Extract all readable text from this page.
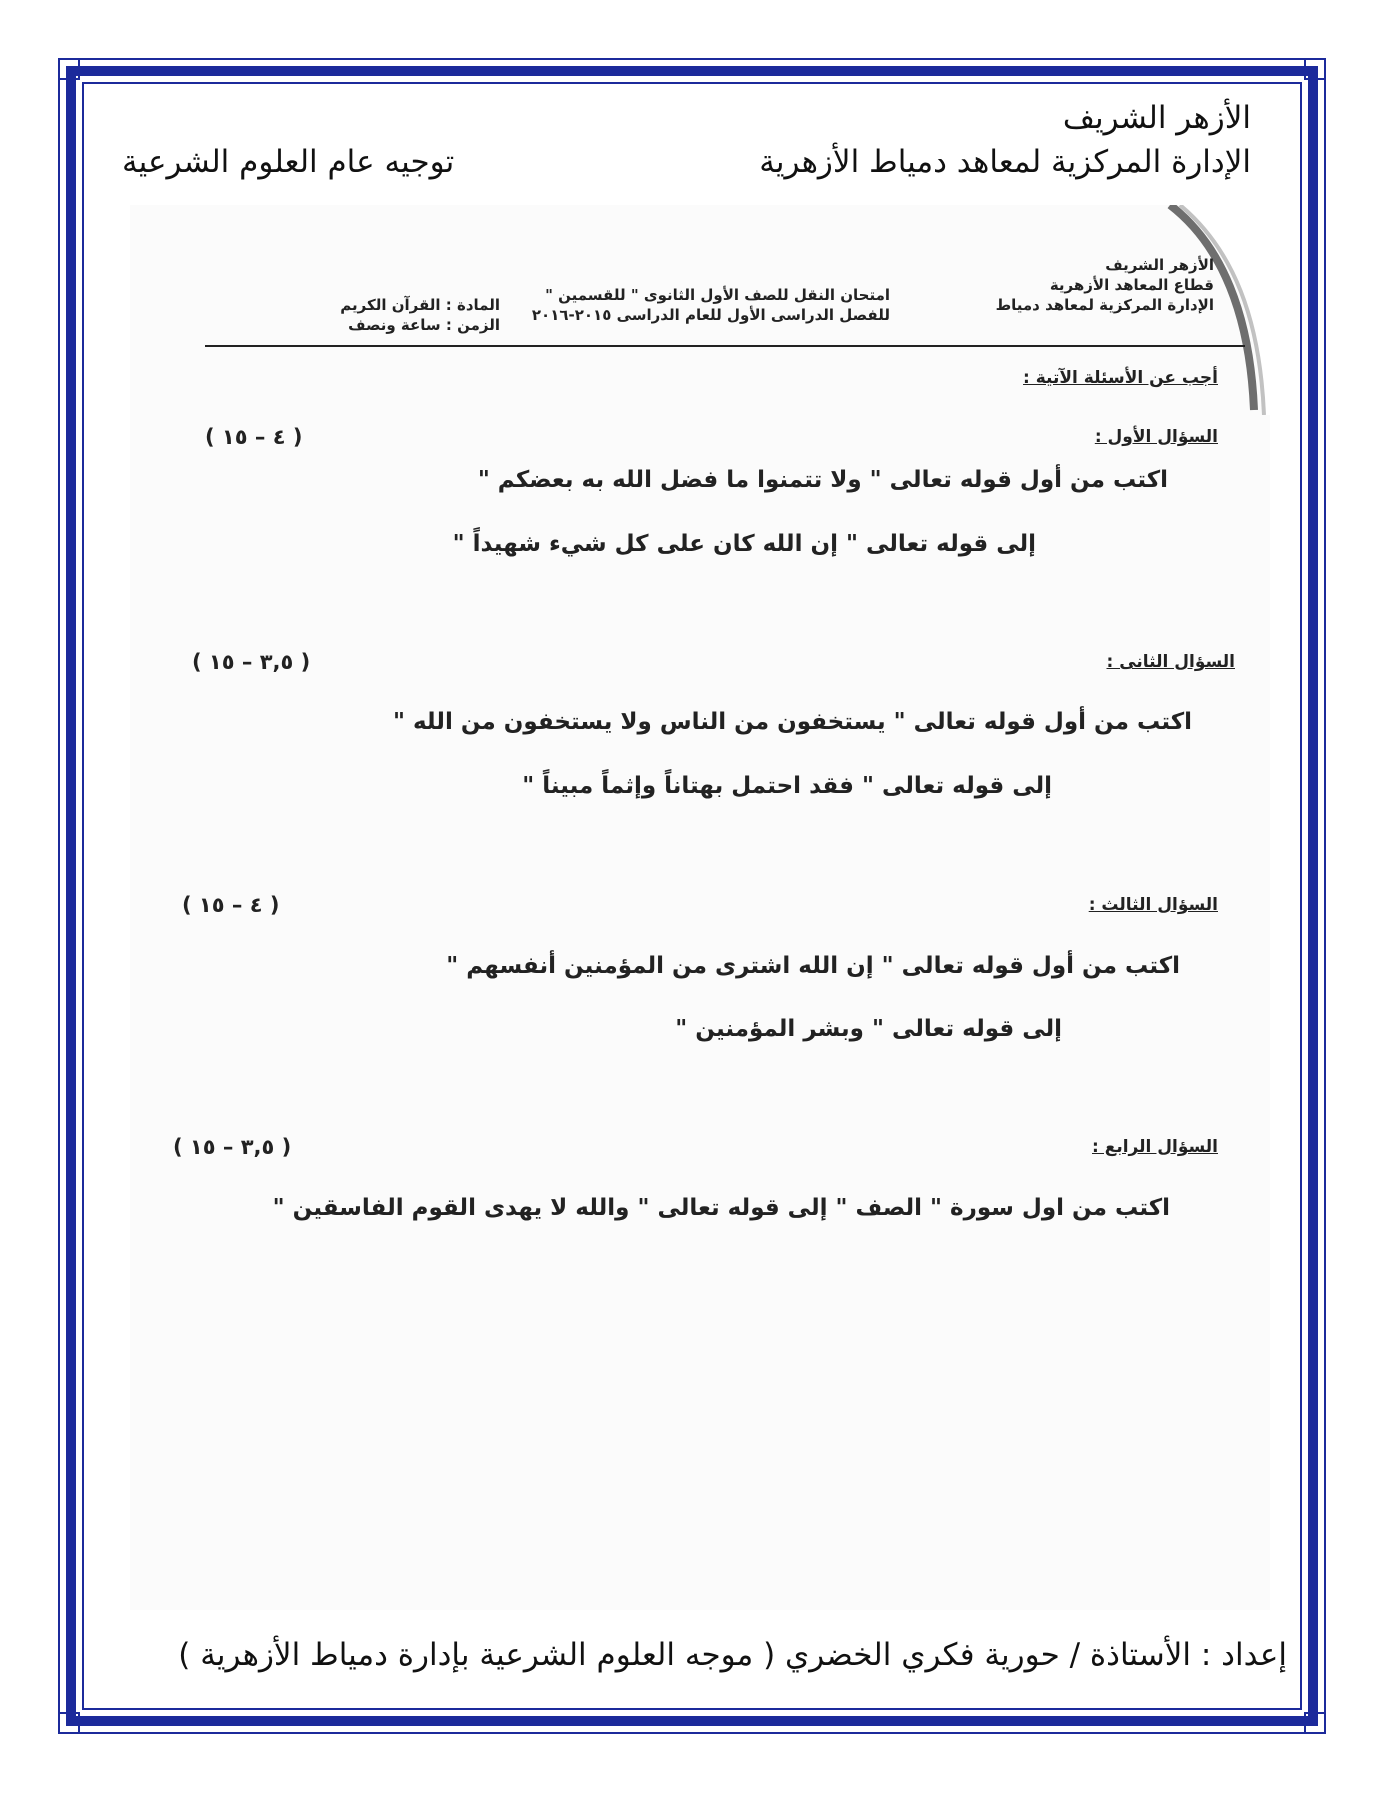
الأزهر الشريف
الإدارة المركزية لمعاهد دمياط الأزهرية
توجيه عام العلوم الشرعية
الأزهر الشريف
قطاع المعاهد الأزهرية
الإدارة المركزية لمعاهد دمياط
امتحان النقل للصف الأول الثانوى " للقسمين "
للفصل الدراسى الأول للعام الدراسى ٢٠١٥-٢٠١٦
المادة : القرآن الكريم
الزمن : ساعة ونصف
أجب عن الأسئلة الآتية :
السؤال الأول :
( ٤ – ١٥ )
اكتب من أول قوله تعالى " ولا تتمنوا ما فضل الله به بعضكم "
إلى قوله تعالى " إن الله كان على كل شيء شهيداً "
السؤال الثانى :
( ٣,٥ – ١٥ )
اكتب من أول قوله تعالى " يستخفون من الناس ولا يستخفون من الله "
إلى قوله تعالى " فقد احتمل بهتاناً وإثماً مبيناً "
السؤال الثالث :
( ٤ – ١٥ )
اكتب من أول قوله تعالى " إن الله اشترى من المؤمنين أنفسهم "
إلى قوله تعالى " وبشر المؤمنين "
السؤال الرابع :
( ٣,٥ – ١٥ )
اكتب من اول سورة " الصف " إلى قوله تعالى " والله لا يهدى القوم الفاسقين "
إعداد : الأستاذة / حورية فكري الخضري ( موجه العلوم الشرعية بإدارة دمياط الأزهرية )
